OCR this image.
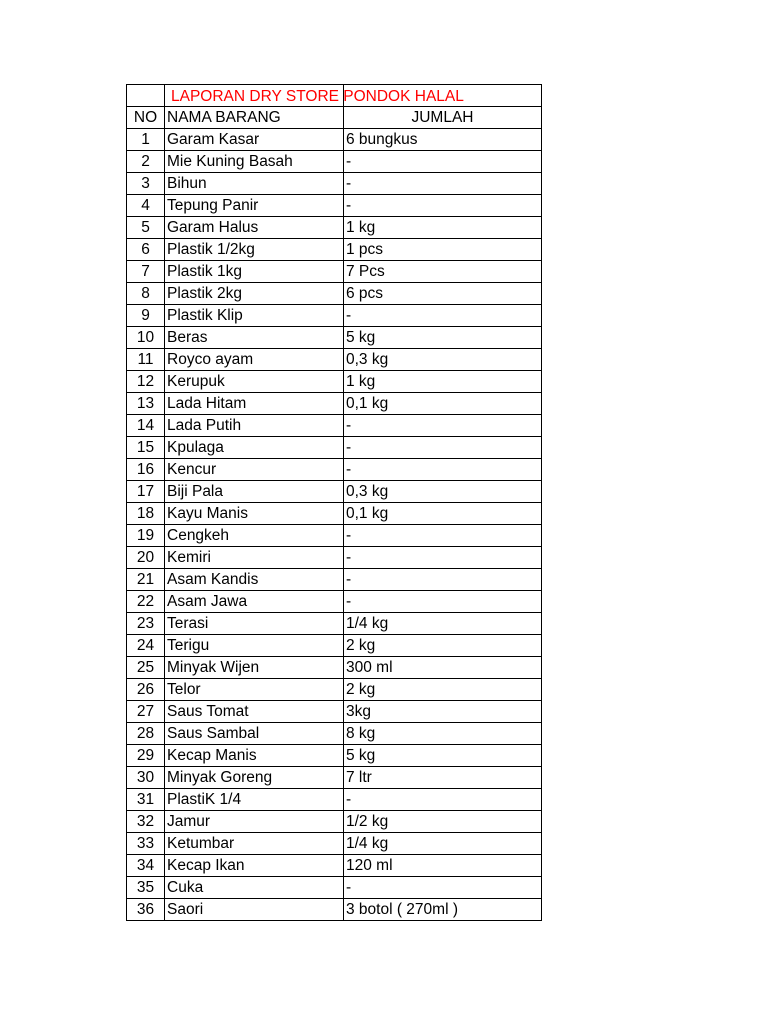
LAPORAN DRY STORE PONDOK HALAL		

NO	NAMA BARANG	JUMLAH
1	Garam Kasar	6 bungkus
2	Mie Kuning Basah	-
3	Bihun	-
4	Tepung Panir	-
5	Garam Halus	1 kg
6	Plastik 1/2kg	1 pcs
7	Plastik 1kg	7 Pcs
8	Plastik 2kg	6 pcs
9	Plastik Klip	-
10	Beras	5 kg
11	Royco ayam	0,3 kg
12	Kerupuk	1 kg
13	Lada Hitam	0,1 kg
14	Lada Putih	-
15	Kpulaga	-
16	Kencur	-
17	Biji Pala	0,3 kg
18	Kayu Manis	0,1 kg
19	Cengkeh	-
20	Kemiri	-
21	Asam Kandis	-
22	Asam Jawa	-
23	Terasi	1/4 kg
24	Terigu	2 kg
25	Minyak Wijen	300 ml
26	Telor	2 kg
27	Saus Tomat	3kg
28	Saus Sambal	8 kg
29	Kecap Manis	5 kg
30	Minyak Goreng	7 ltr
31	PlastiK 1/4	-
32	Jamur	1/2 kg
33	Ketumbar	1/4 kg
34	Kecap Ikan	120 ml
35	Cuka	-
36	Saori	3 botol ( 270ml )
